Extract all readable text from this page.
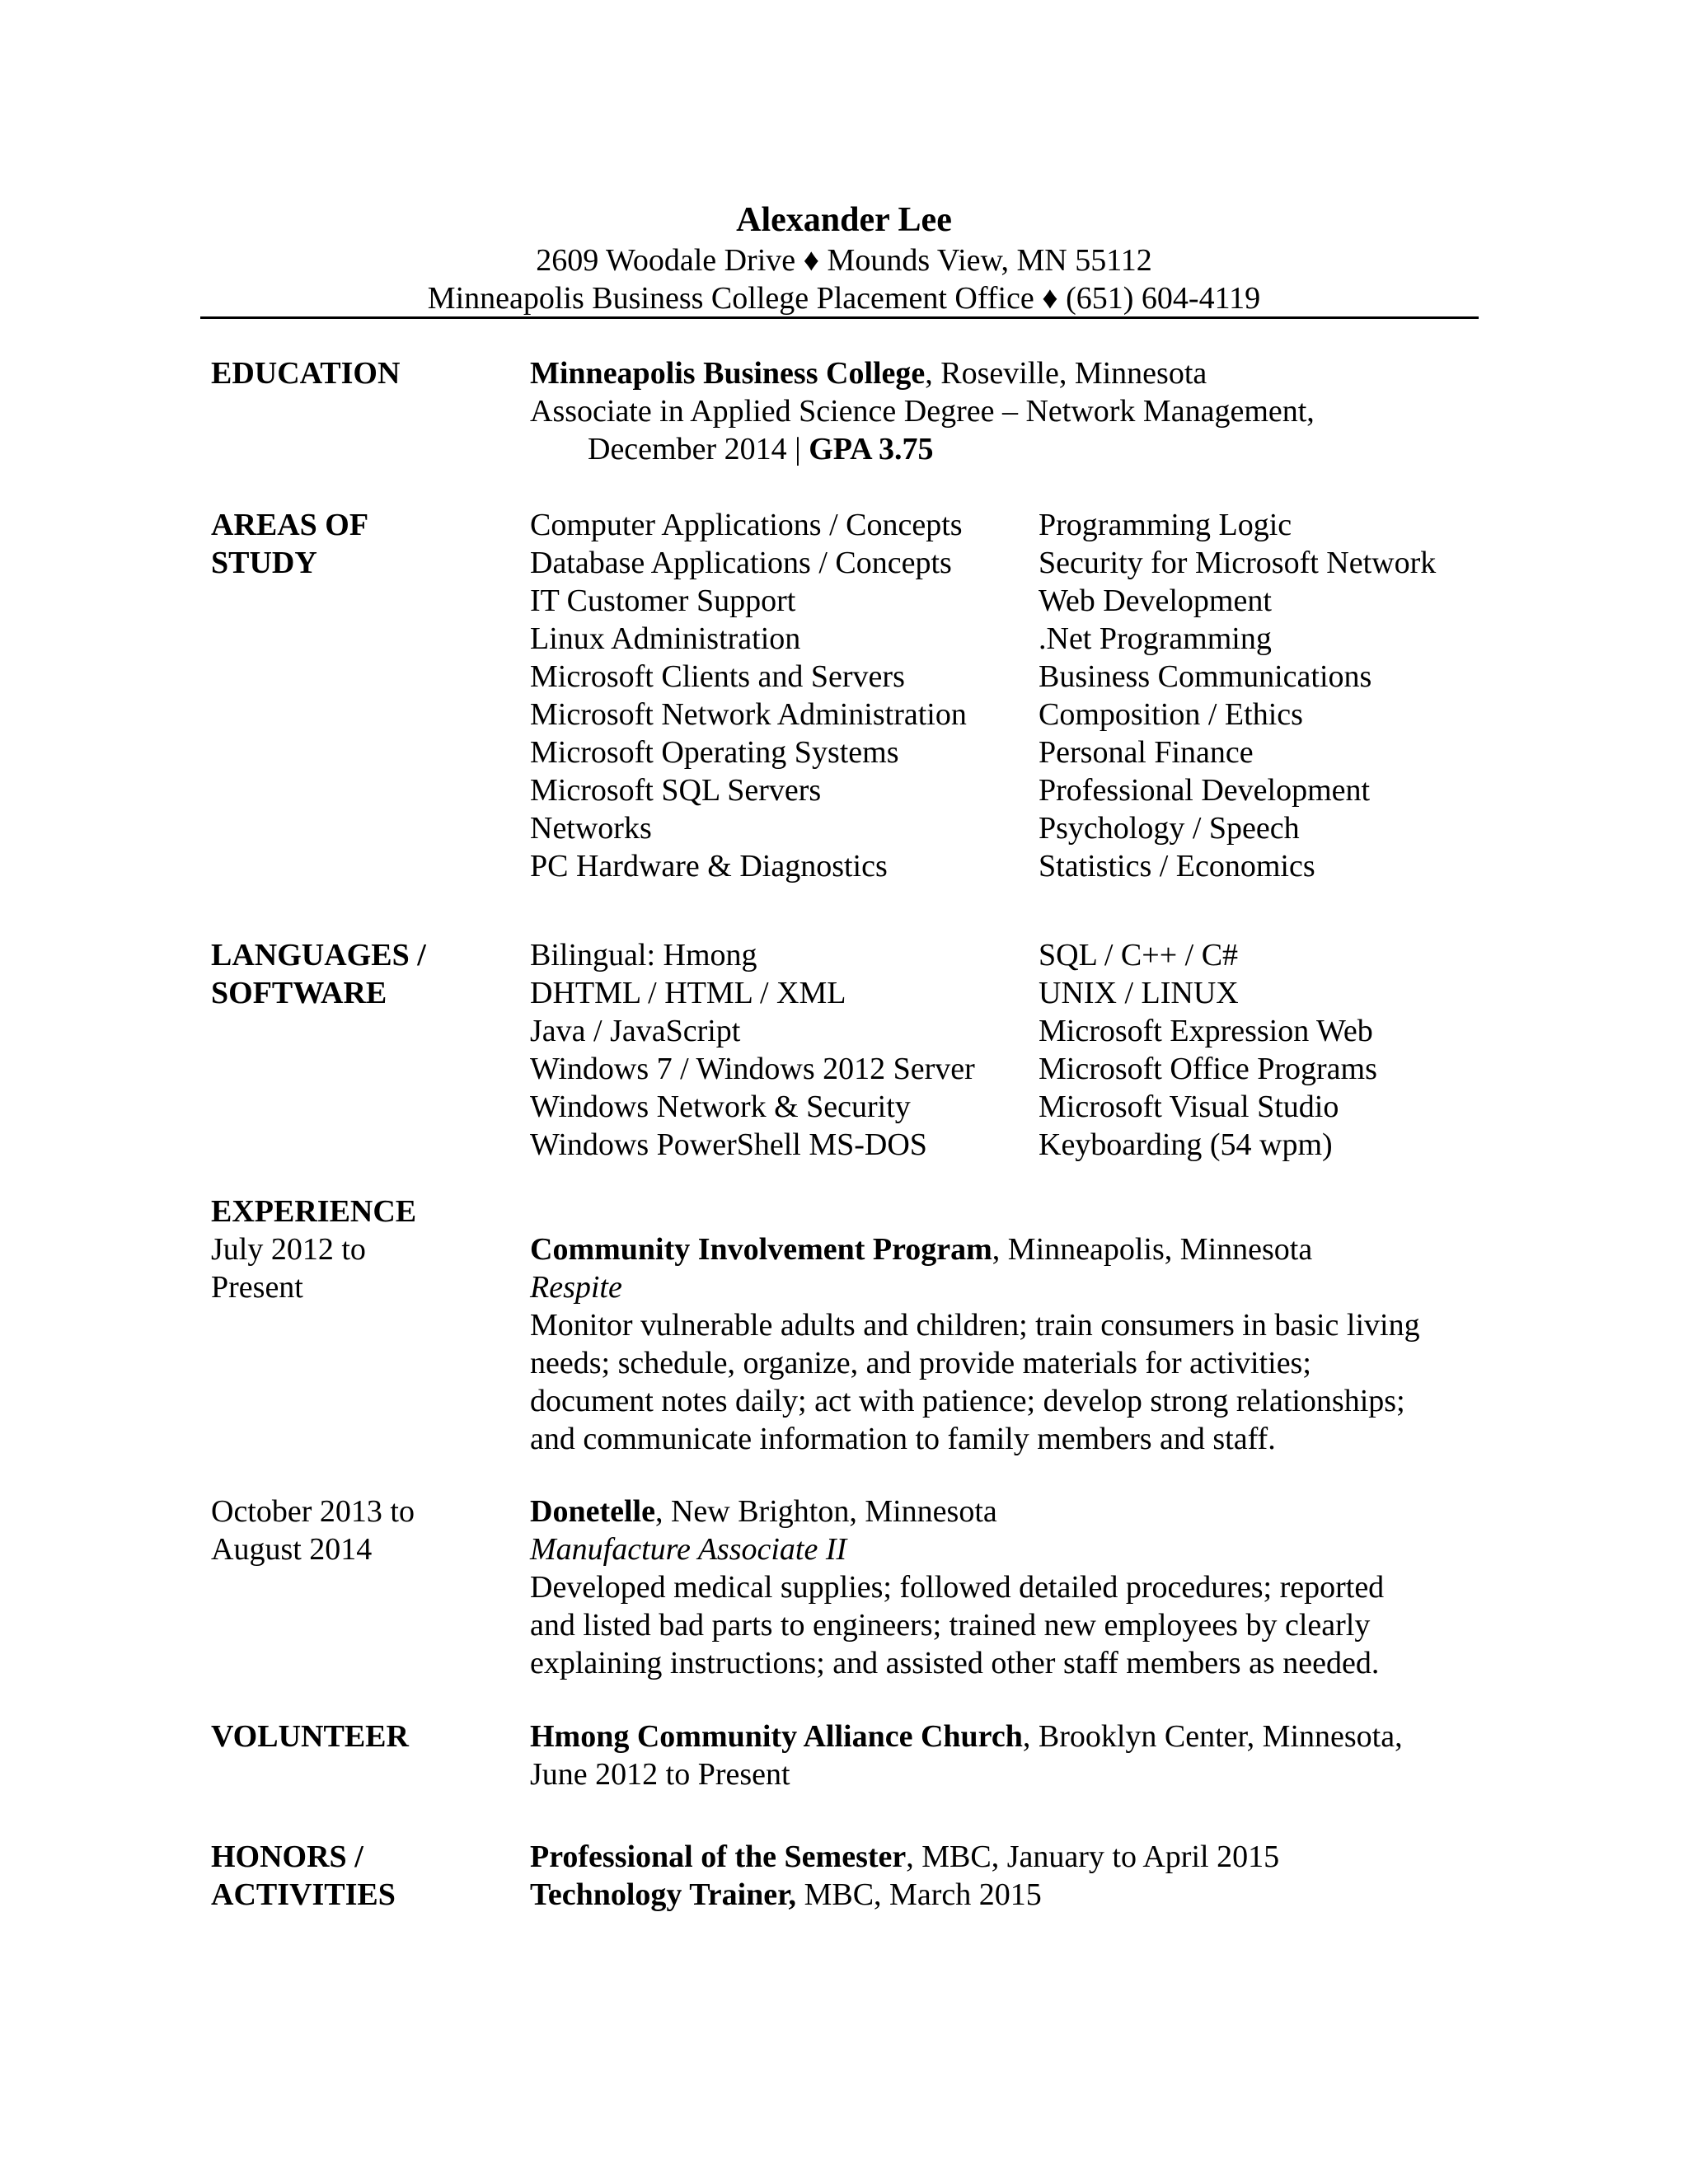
Alexander Lee
2609 Woodale Drive ♦ Mounds View, MN 55112
Minneapolis Business College Placement Office ♦ (651) 604-4119
EDUCATION	Minneapolis Business College, Roseville, Minnesota
Associate in Applied Science Degree – Network Management,
December 2014 | GPA 3.75
AREAS OF
STUDY
Computer Applications / Concepts
Database Applications / Concepts
IT Customer Support
Linux Administration
Microsoft Clients and Servers
Microsoft Network Administration
Microsoft Operating Systems
Microsoft SQL Servers
Networks
PC Hardware & Diagnostics
Programming Logic
Security for Microsoft Network
Web Development
.Net Programming
Business Communications
Composition / Ethics
Personal Finance
Professional Development
Psychology / Speech
Statistics / Economics
LANGUAGES /
SOFTWARE
Bilingual: Hmong
DHTML / HTML / XML
Java / JavaScript
Windows 7 / Windows 2012 Server
Windows Network & Security
Windows PowerShell MS-DOS
SQL / C++ / C#
UNIX / LINUX
Microsoft Expression Web
Microsoft Office Programs
Microsoft Visual Studio
Keyboarding (54 wpm)
EXPERIENCE
July 2012 to
Present
Community Involvement Program, Minneapolis, Minnesota
Respite
Monitor vulnerable adults and children; train consumers in basic living
needs; schedule, organize, and provide materials for activities;
document notes daily; act with patience; develop strong relationships;
and communicate information to family members and staff.
October 2013 to
August 2014
Donetelle, New Brighton, Minnesota
Manufacture Associate II
Developed medical supplies; followed detailed procedures; reported
and listed bad parts to engineers; trained new employees by clearly
explaining instructions; and assisted other staff members as needed.
VOLUNTEER	Hmong Community Alliance Church, Brooklyn Center, Minnesota,
June 2012 to Present
HONORS /
ACTIVITIES
Professional of the Semester, MBC, January to April 2015
Technology Trainer, MBC, March 2015
